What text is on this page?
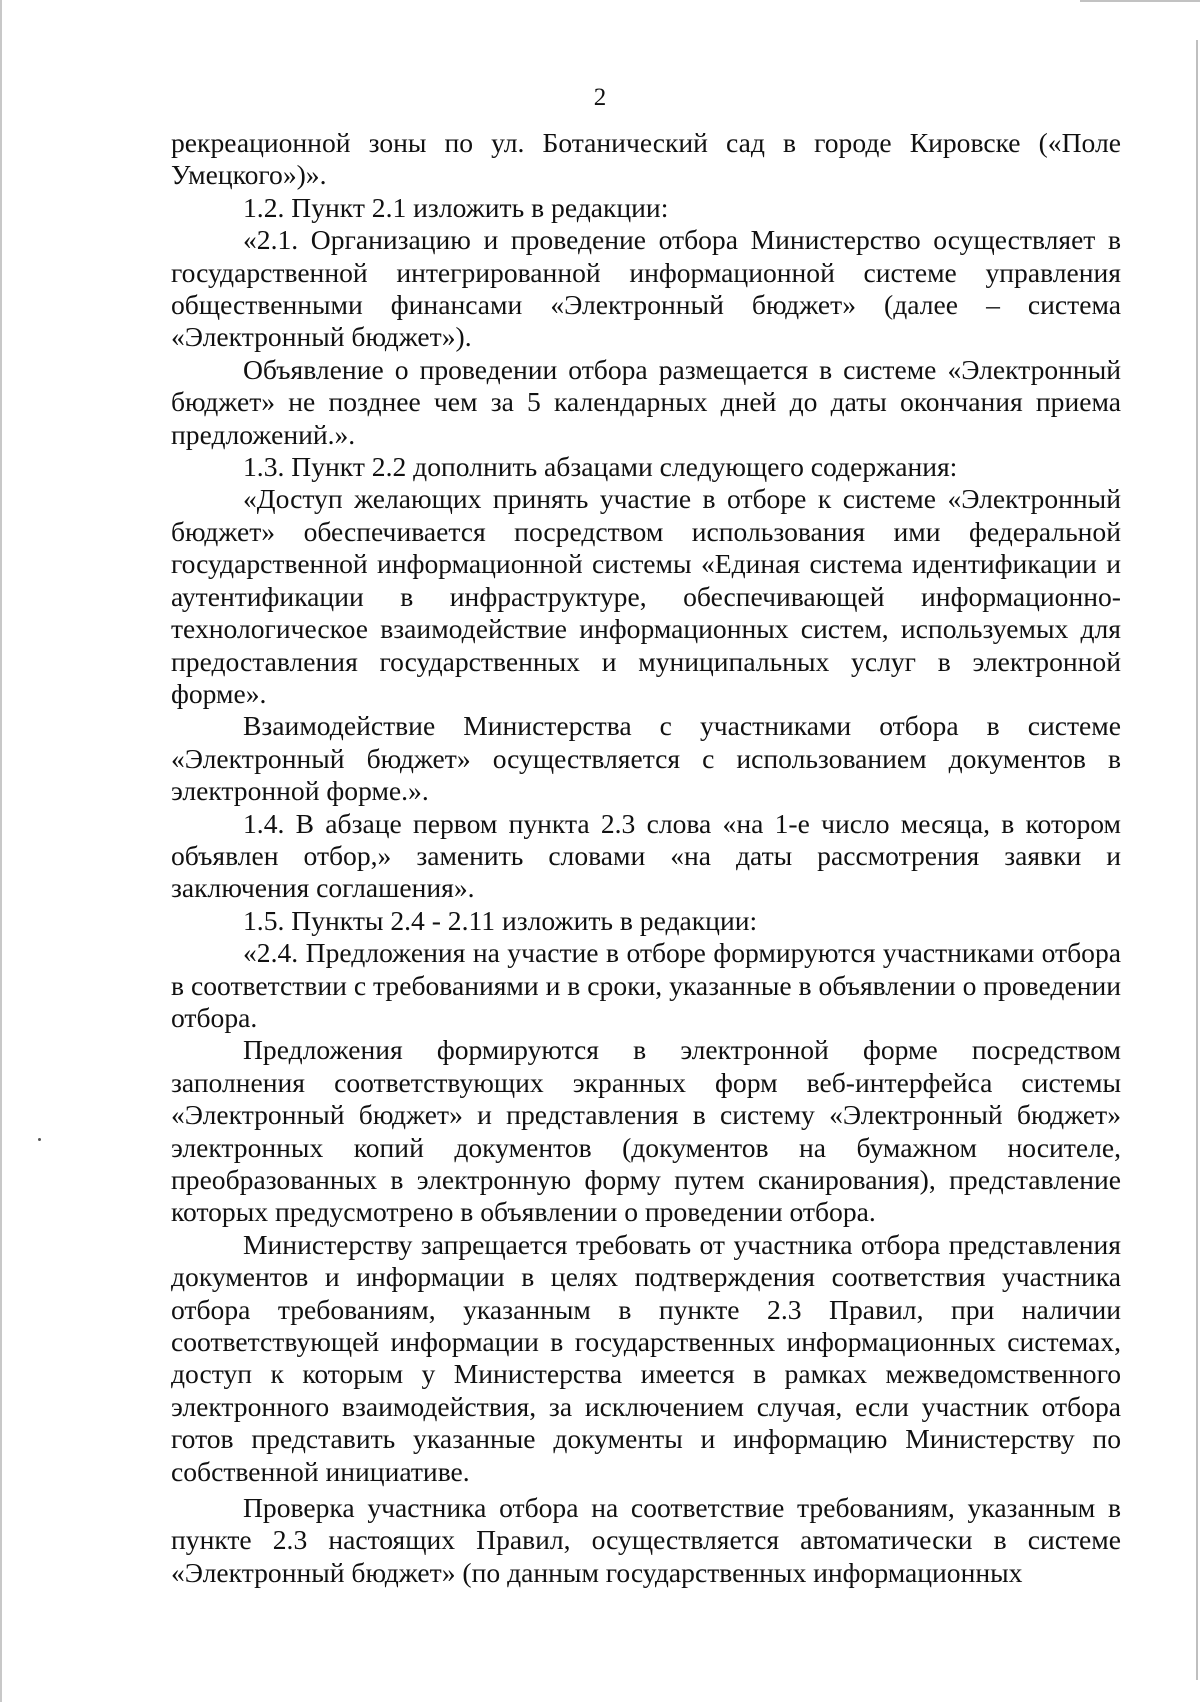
2

рекреационной зоны по ул. Ботанический сад в городе Кировске («Поле Умецкого»)».

1.2. Пункт 2.1 изложить в редакции:

«2.1. Организацию и проведение отбора Министерство осуществляет в государственной интегрированной информационной системе управления общественными финансами «Электронный бюджет» (далее – система «Электронный бюджет»).

Объявление о проведении отбора размещается в системе «Электронный бюджет» не позднее чем за 5 календарных дней до даты окончания приема предложений.».

1.3. Пункт 2.2 дополнить абзацами следующего содержания:

«Доступ желающих принять участие в отборе к системе «Электронный бюджет» обеспечивается посредством использования ими федеральной государственной информационной системы «Единая система идентификации и аутентификации в инфраструктуре, обеспечивающей информационно-технологическое взаимодействие информационных систем, используемых для предоставления государственных и муниципальных услуг в электронной форме».

Взаимодействие Министерства с участниками отбора в системе «Электронный бюджет» осуществляется с использованием документов в электронной форме.».

1.4. В абзаце первом пункта 2.3 слова «на 1-е число месяца, в котором объявлен отбор,» заменить словами «на даты рассмотрения заявки и заключения соглашения».

1.5. Пункты 2.4 - 2.11 изложить в редакции:

«2.4. Предложения на участие в отборе формируются участниками отбора в соответствии с требованиями и в сроки, указанные в объявлении о проведении отбора.

Предложения формируются в электронной форме посредством заполнения соответствующих экранных форм веб-интерфейса системы «Электронный бюджет» и представления в систему «Электронный бюджет» электронных копий документов (документов на бумажном носителе, преобразованных в электронную форму путем сканирования), представление которых предусмотрено в объявлении о проведении отбора.

Министерству запрещается требовать от участника отбора представления документов и информации в целях подтверждения соответствия участника отбора требованиям, указанным в пункте 2.3 Правил, при наличии соответствующей информации в государственных информационных системах, доступ к которым у Министерства имеется в рамках межведомственного электронного взаимодействия, за исключением случая, если участник отбора готов представить указанные документы и информацию Министерству по собственной инициативе.

Проверка участника отбора на соответствие требованиям, указанным в пункте 2.3 настоящих Правил, осуществляется автоматически в системе «Электронный бюджет» (по данным государственных информационных
